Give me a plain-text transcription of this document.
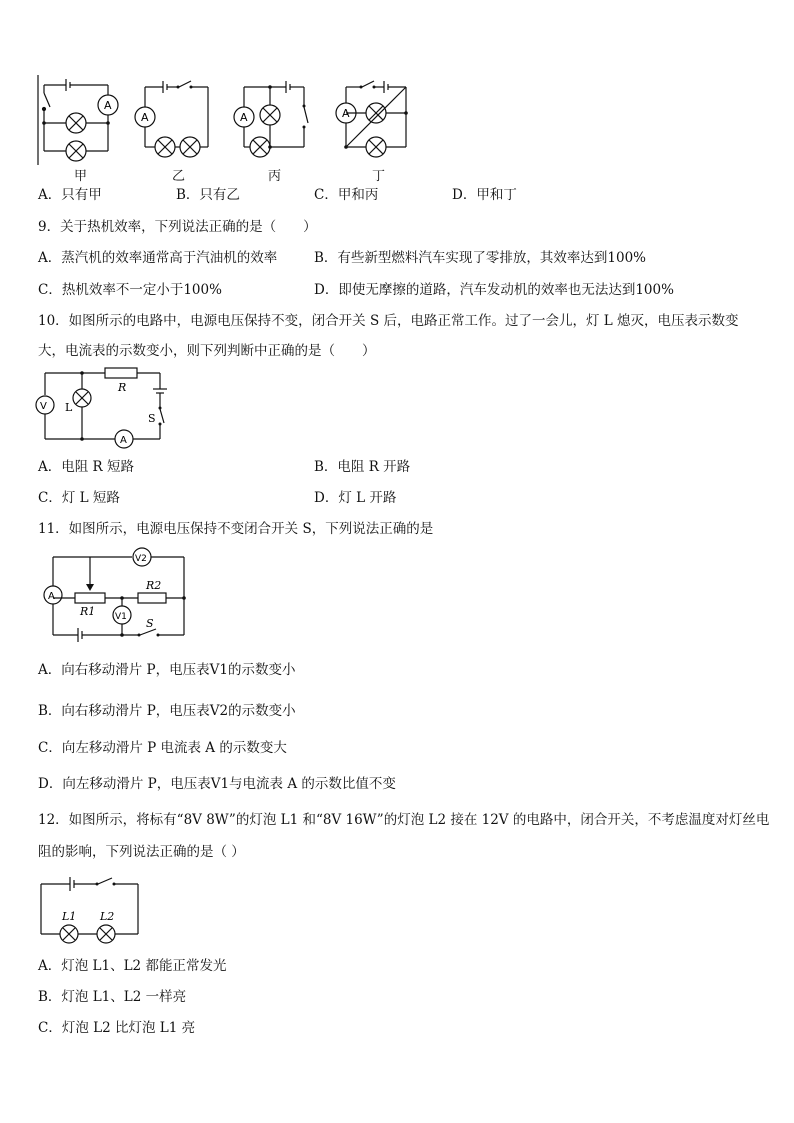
A
A	A	A
甲	乙	丙	丁
A．只有甲	B．只有乙	C．甲和丙	D．甲和丁
9．关于热机效率，下列说法正确的是（　　）
A．蒸汽机的效率通常高于汽油机的效率	B．有些新型燃料汽车实现了零排放，其效率达到100%
C．热机效率不一定小于100%	D．即使无摩擦的道路，汽车发动机的效率也无法达到100%
10．如图所示的电路中，电源电压保持不变，闭合开关 S 后，电路正常工作。过了一会儿，灯 L 熄灭，电压表示数变
大，电流表的示数变小，则下列判断中正确的是（　　）
V L
R
S
A
A．电阻 R 短路	B．电阻 R 开路
C．灯 L 短路	D．灯 L 开路
11．如图所示，电源电压保持不变闭合开关 S，下列说法正确的是
A
V2
V1
R1
R2
S
A．向右移动滑片 P，电压表V1的示数变小
B．向右移动滑片 P，电压表V2的示数变小
C．向左移动滑片 P 电流表 A 的示数变大
D．向左移动滑片 P，电压表V1与电流表 A 的示数比值不变
12．如图所示，将标有“8V 8W”的灯泡 L1 和“8V 16W”的灯泡 L2 接在 12V 的电路中，闭合开关，不考虑温度对灯丝电
阻的影响，下列说法正确的是（ ）
L1 L2
A．灯泡 L1、L2 都能正常发光
B．灯泡 L1、L2 一样亮
C．灯泡 L2 比灯泡 L1 亮
